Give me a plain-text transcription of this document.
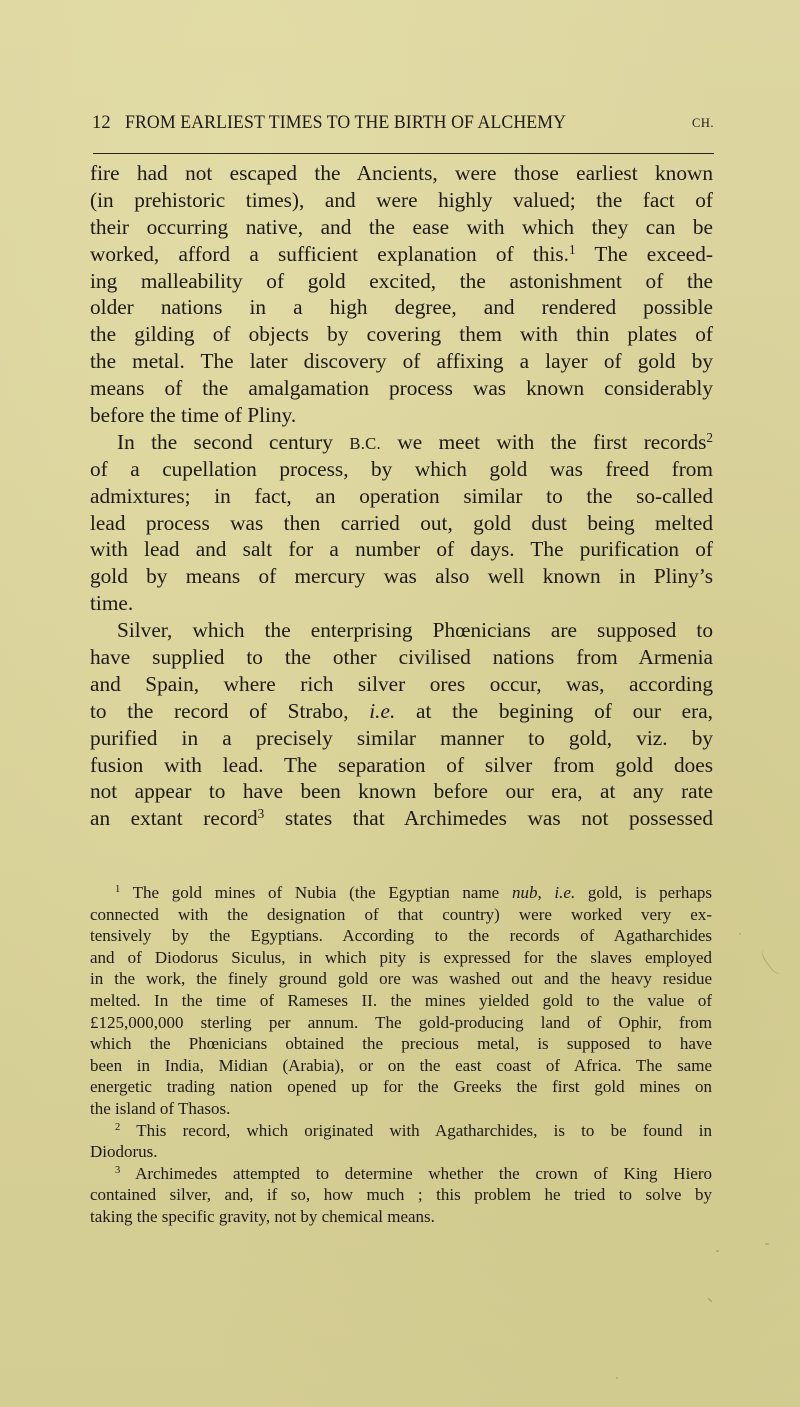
12 FROM EARLIEST TIMES TO THE BIRTH OF ALCHEMY	CH.
fire had not escaped the Ancients, were those earliest known
(in prehistoric times), and were highly valued; the fact of
their occurring native, and the ease with which they can be
worked, afford a sufficient explanation of this.$^1$ The exceed-
ing malleability of gold excited, the astonishment of the
older nations in a high degree, and rendered possible
the gilding of objects by covering them with thin plates of
the metal. The later discovery of affixing a layer of gold by
means of the amalgamation process was known considerably
before the time of Pliny.
In the second century B.C. we meet with the first records$^2$
of a cupellation process, by which gold was freed from
admixtures; in fact, an operation similar to the so-called
lead process was then carried out, gold dust being melted
with lead and salt for a number of days. The purification of
gold by means of mercury was also well known in Pliny’s
time.
Silver, which the enterprising Phœnicians are supposed to
have supplied to the other civilised nations from Armenia
and Spain, where rich silver ores occur, was, according
to the record of Strabo, i.e. at the begining of our era,
purified in a precisely similar manner to gold, viz. by
fusion with lead. The separation of silver from gold does
not appear to have been known before our era, at any rate
an extant record$^3$ states that Archimedes was not possessed
$^1$ The gold mines of Nubia (the Egyptian name nub, i.e. gold, is perhaps
connected with the designation of that country) were worked very ex-
tensively by the Egyptians. According to the records of Agatharchides
and of Diodorus Siculus, in which pity is expressed for the slaves employed
in the work, the finely ground gold ore was washed out and the heavy residue
melted. In the time of Rameses II. the mines yielded gold to the value of
£125,000,000 sterling per annum. The gold-producing land of Ophir, from
which the Phœnicians obtained the precious metal, is supposed to have
been in India, Midian (Arabia), or on the east coast of Africa. The same
energetic trading nation opened up for the Greeks the first gold mines on
the island of Thasos.
$^2$ This record, which originated with Agatharchides, is to be found in
Diodorus.
$^3$ Archimedes attempted to determine whether the crown of King Hiero
contained silver, and, if so, how much ; this problem he tried to solve by
taking the specific gravity, not by chemical means.
